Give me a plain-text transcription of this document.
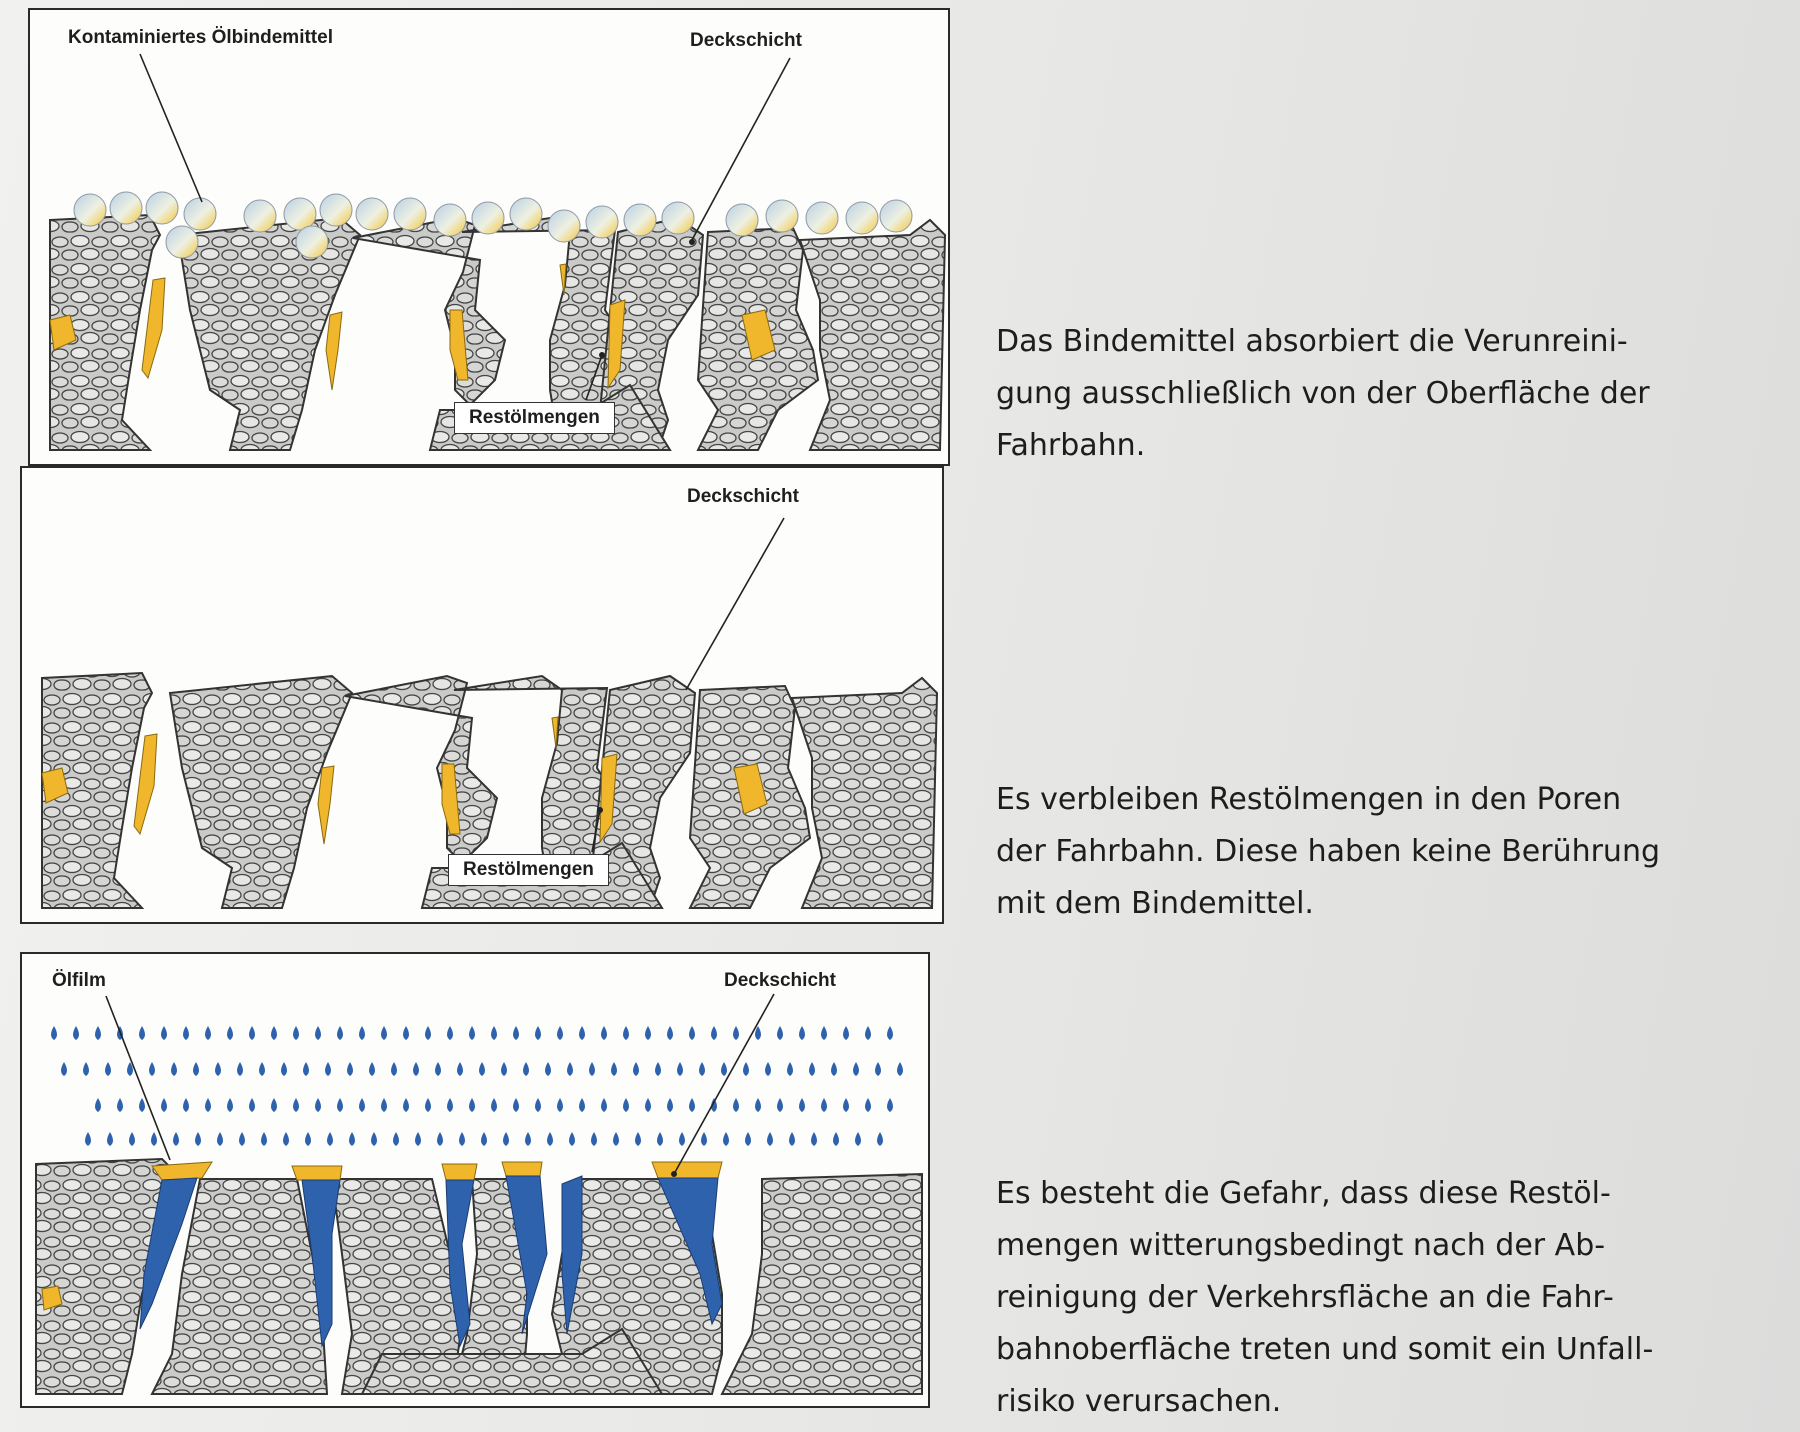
Kontaminiertes Ölbindemittel	Deckschicht
Restölmengen
Deckschicht
Restölmengen
Ölfilm	Deckschicht
Das Bindemittel absorbiert die Verunreini-
gung ausschließlich von der Oberfläche der
Fahrbahn.
Es verbleiben Restölmengen in den Poren
der Fahrbahn. Diese haben keine Berührung
mit dem Bindemittel.
Es besteht die Gefahr, dass diese Restöl-
mengen witterungsbedingt nach der Ab-
reinigung der Verkehrsfläche an die Fahr-
bahnoberfläche treten und somit ein Unfall-
risiko verursachen.
